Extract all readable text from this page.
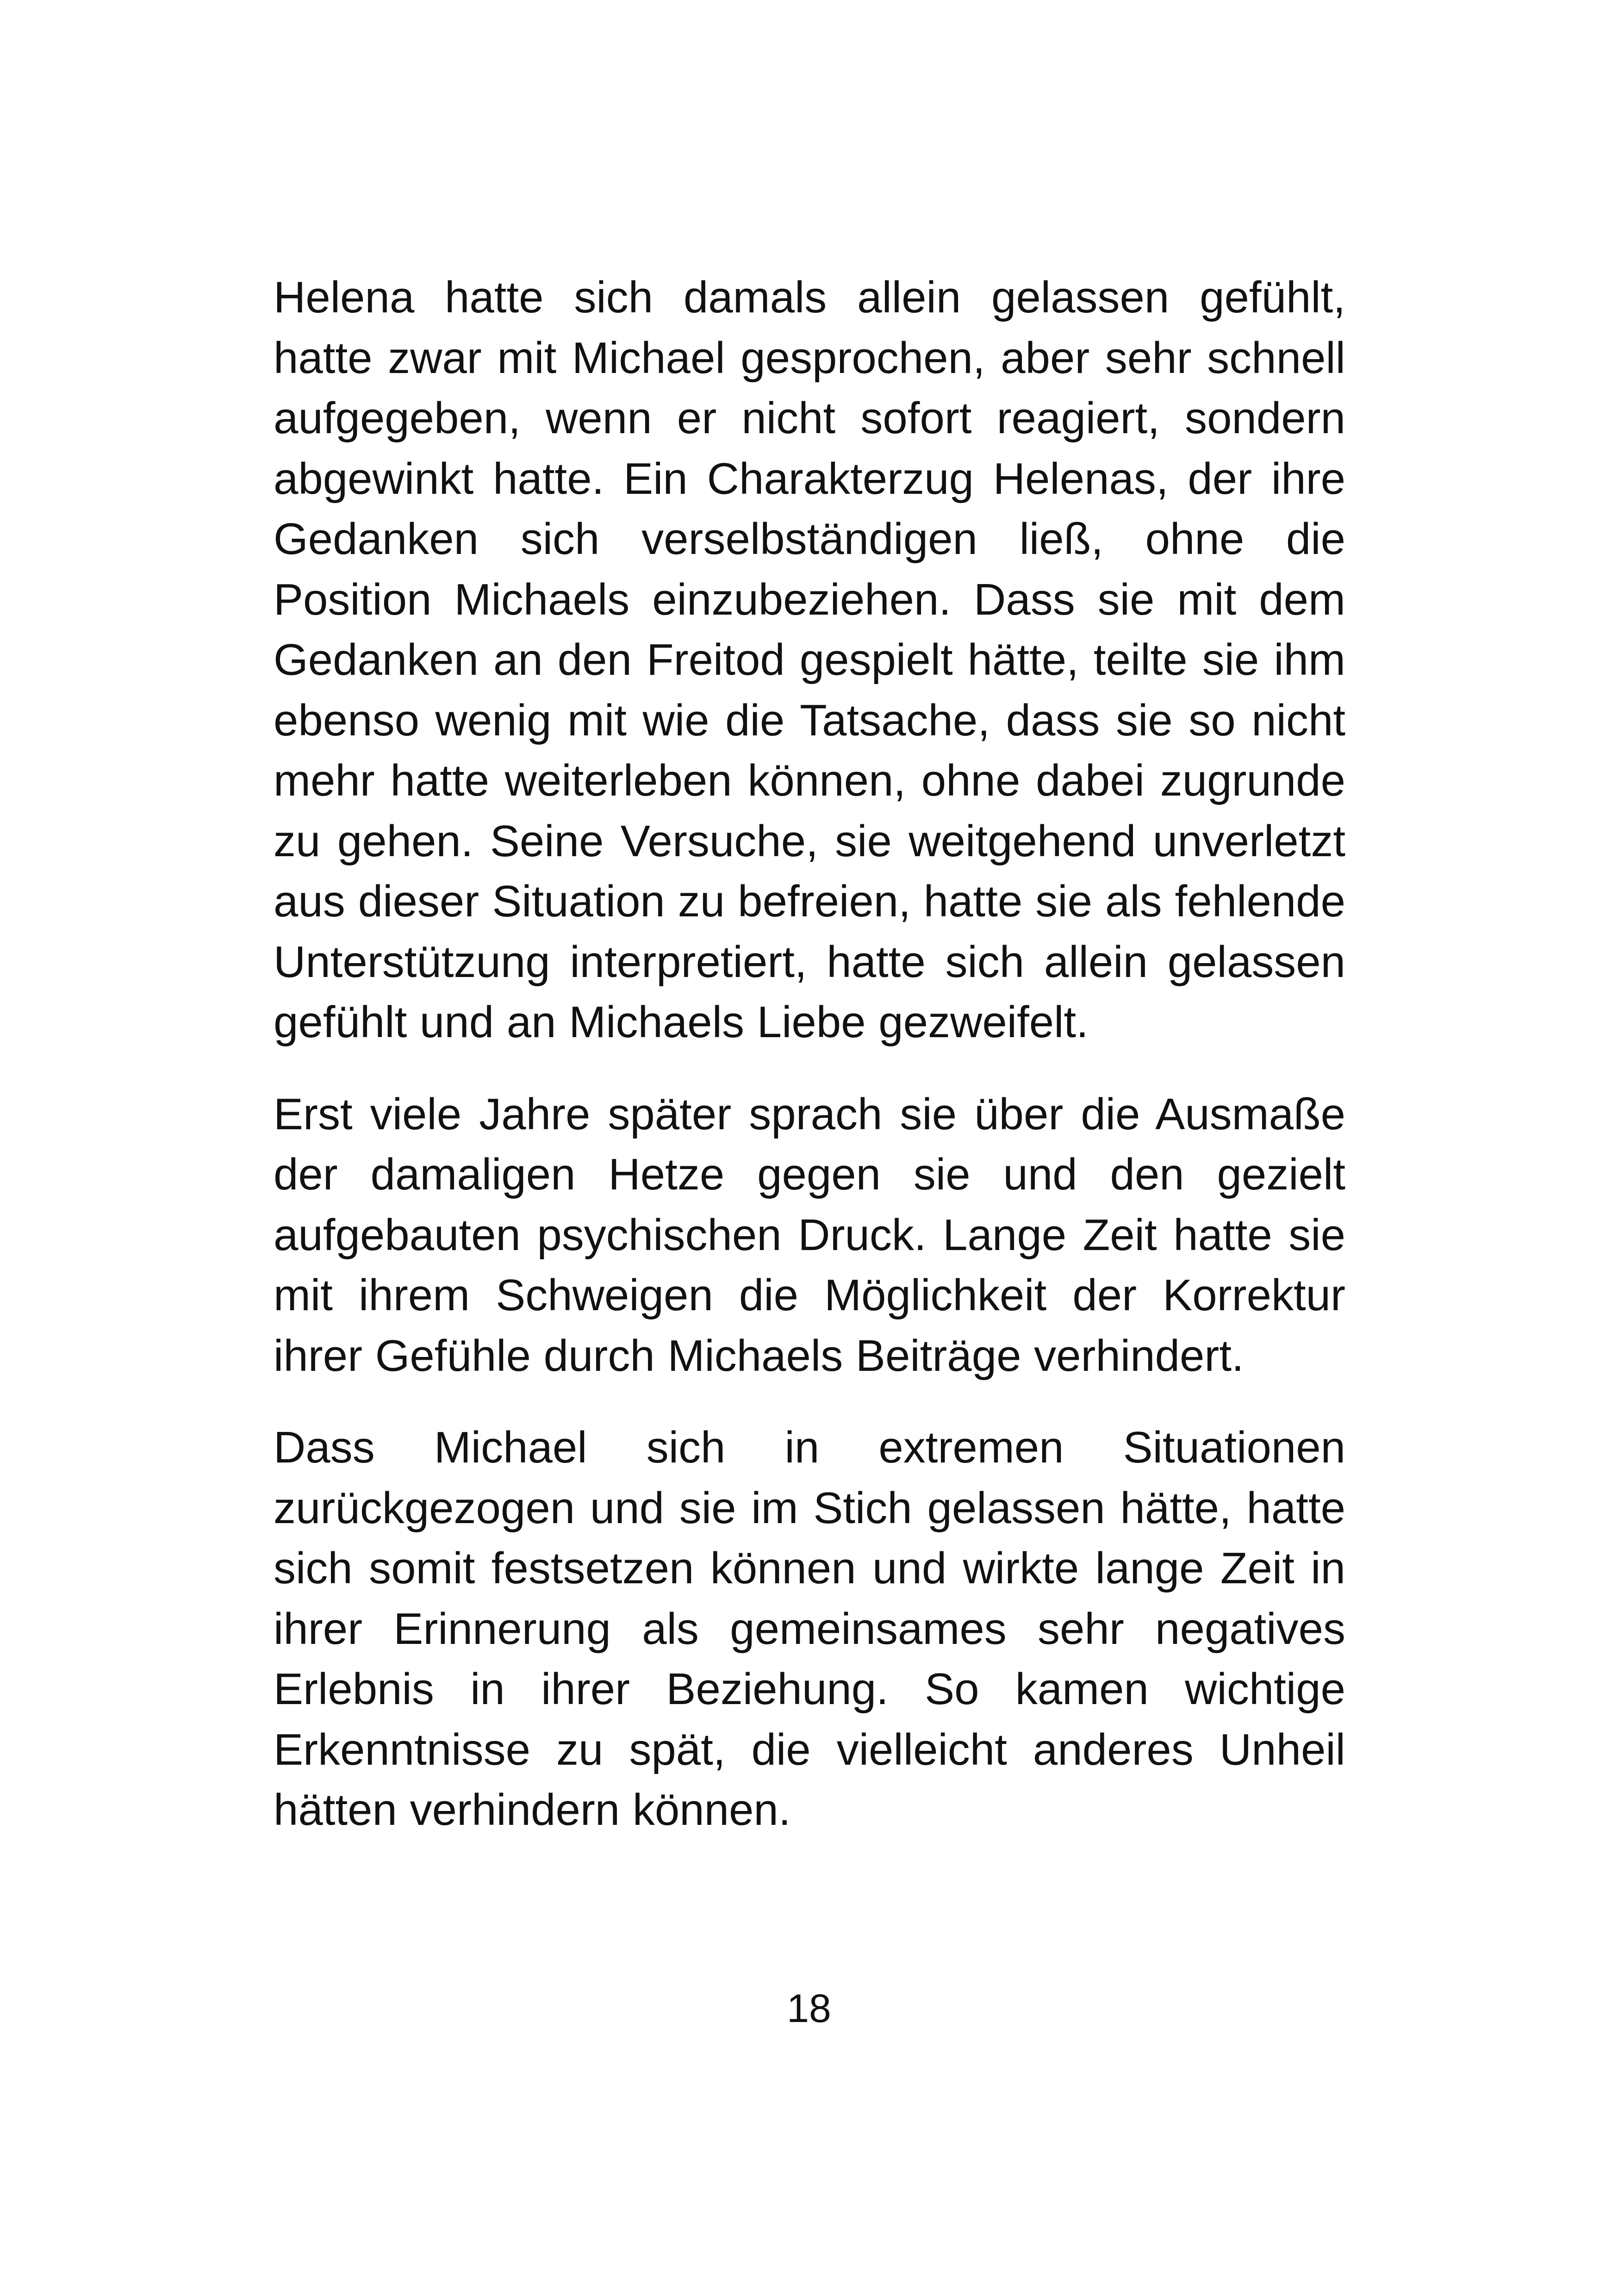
Helena hatte sich damals allein gelassen gefühlt, hatte zwar mit Michael gesprochen, aber sehr schnell aufgegeben, wenn er nicht sofort reagiert, sondern abgewinkt hatte. Ein Charakterzug Helenas, der ihre Gedanken sich verselbständigen ließ, ohne die Position Michaels einzubeziehen. Dass sie mit dem Gedanken an den Freitod gespielt hätte, teilte sie ihm ebenso wenig mit wie die Tatsache, dass sie so nicht mehr hatte weiterleben können, ohne dabei zugrunde zu gehen. Seine Versuche, sie weitgehend unverletzt aus dieser Situation zu befreien, hatte sie als fehlende Unterstützung interpretiert, hatte sich allein gelassen gefühlt und an Michaels Liebe gezweifelt.

Erst viele Jahre später sprach sie über die Ausmaße der damaligen Hetze gegen sie und den gezielt aufgebauten psychischen Druck. Lange Zeit hatte sie mit ihrem Schweigen die Möglichkeit der Korrektur ihrer Gefühle durch Michaels Beiträge verhindert.

Dass Michael sich in extremen Situationen zurückgezogen und sie im Stich gelassen hätte, hatte sich somit festsetzen können und wirkte lange Zeit in ihrer Erinnerung als gemeinsames sehr negatives Erlebnis in ihrer Beziehung. So kamen wichtige Erkenntnisse zu spät, die vielleicht anderes Unheil hätten verhindern können.

18
